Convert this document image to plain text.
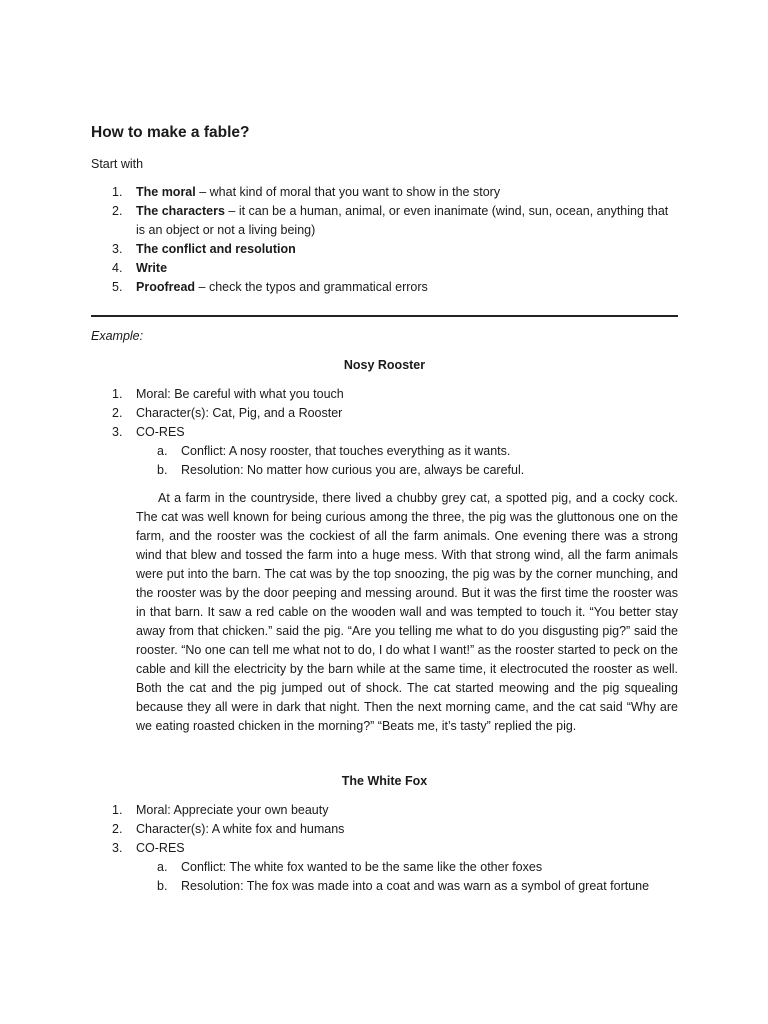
How to make a fable?
Start with
1. The moral – what kind of moral that you want to show in the story
2. The characters – it can be a human, animal, or even inanimate (wind, sun, ocean, anything that is an object or not a living being)
3. The conflict and resolution
4. Write
5. Proofread – check the typos and grammatical errors
Example:
Nosy Rooster
1. Moral: Be careful with what you touch
2. Character(s): Cat, Pig, and a Rooster
3. CO-RES
a. Conflict: A nosy rooster, that touches everything as it wants.
b. Resolution: No matter how curious you are, always be careful.
At a farm in the countryside, there lived a chubby grey cat, a spotted pig, and a cocky cock. The cat was well known for being curious among the three, the pig was the gluttonous one on the farm, and the rooster was the cockiest of all the farm animals. One evening there was a strong wind that blew and tossed the farm into a huge mess. With that strong wind, all the farm animals were put into the barn. The cat was by the top snoozing, the pig was by the corner munching, and the rooster was by the door peeping and messing around. But it was the first time the rooster was in that barn. It saw a red cable on the wooden wall and was tempted to touch it. “You better stay away from that chicken.” said the pig. “Are you telling me what to do you disgusting pig?” said the rooster. “No one can tell me what not to do, I do what I want!” as the rooster started to peck on the cable and kill the electricity by the barn while at the same time, it electrocuted the rooster as well. Both the cat and the pig jumped out of shock. The cat started meowing and the pig squealing because they all were in dark that night. Then the next morning came, and the cat said “Why are we eating roasted chicken in the morning?” “Beats me, it’s tasty” replied the pig.
The White Fox
1. Moral: Appreciate your own beauty
2. Character(s): A white fox and humans
3. CO-RES
a. Conflict: The white fox wanted to be the same like the other foxes
b. Resolution: The fox was made into a coat and was warn as a symbol of great fortune
